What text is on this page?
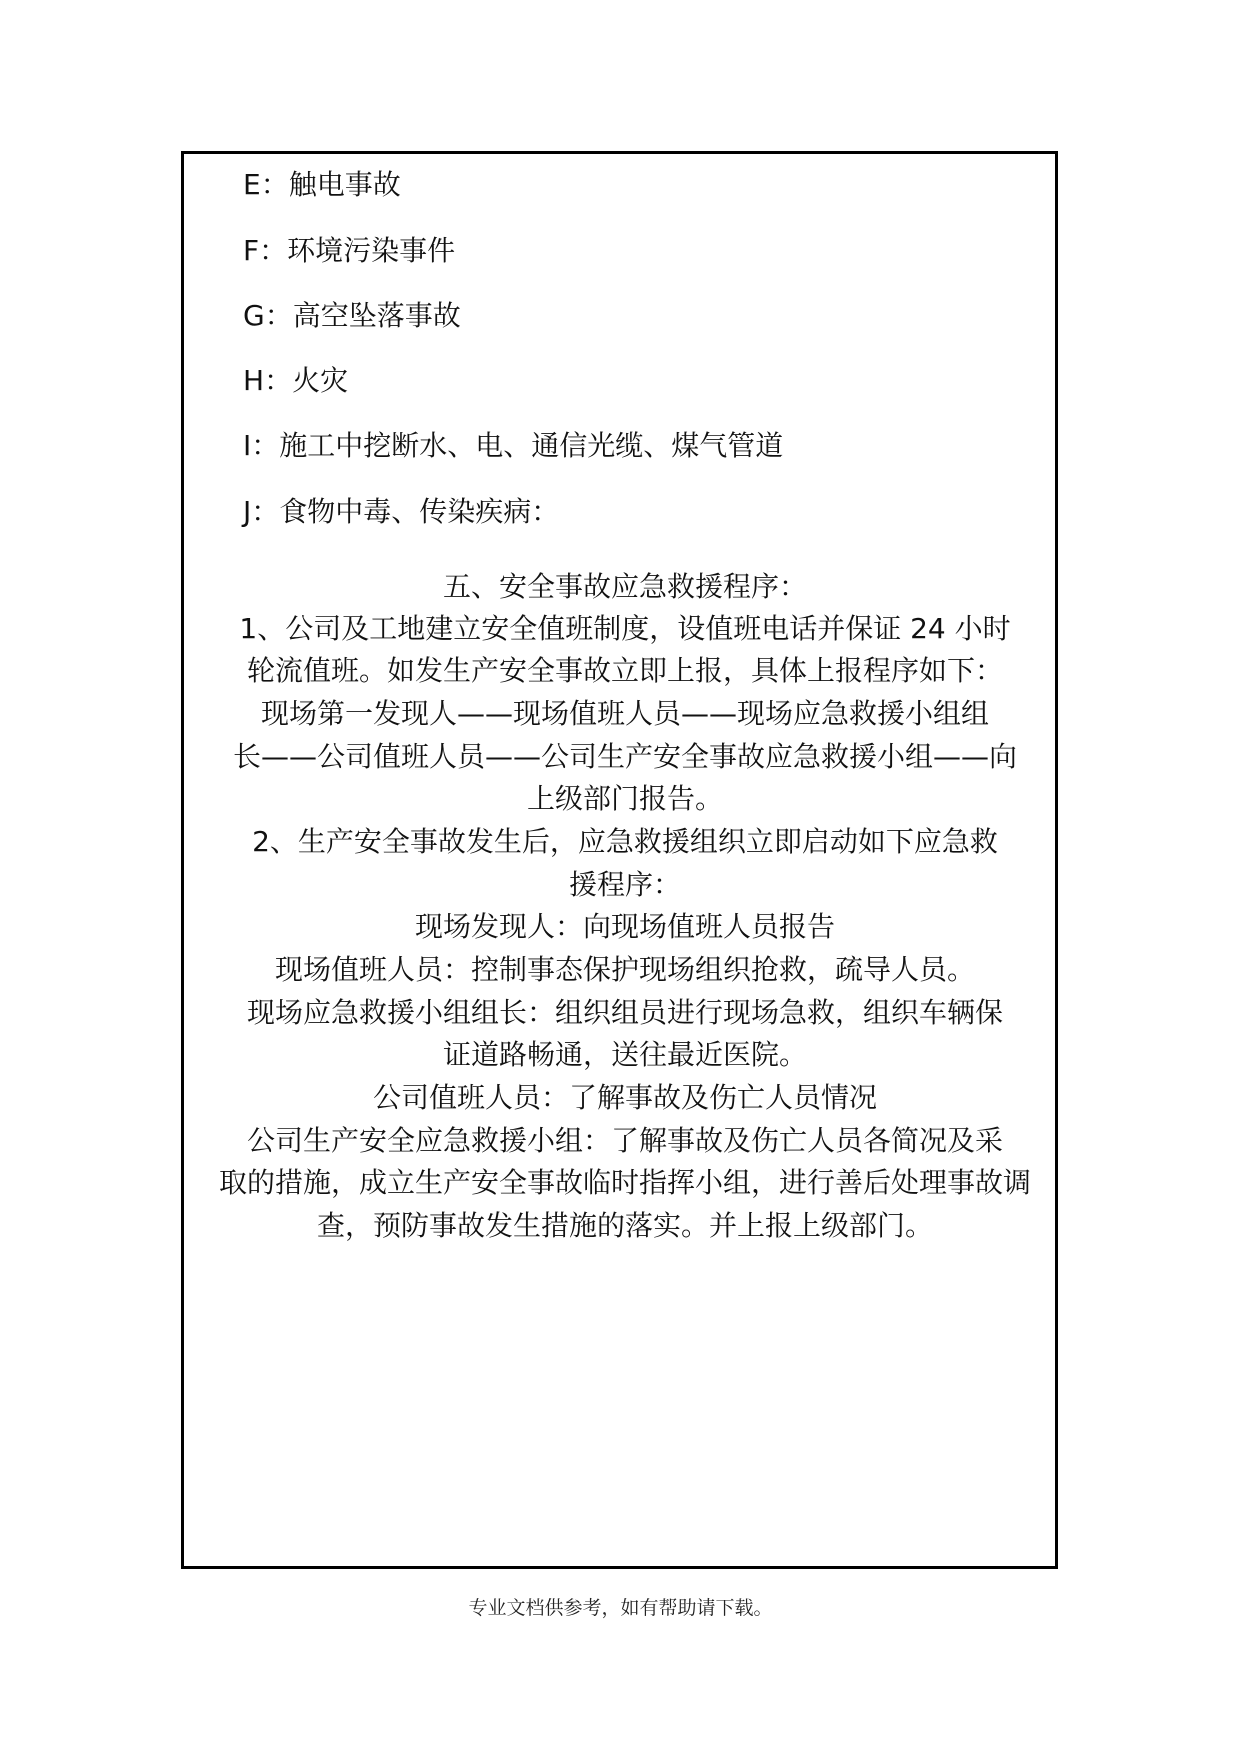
E：触电事故
F：环境污染事件
G：高空坠落事故
H：火灾
I：施工中挖断水、电、通信光缆、煤气管道
J：食物中毒、传染疾病：
五、安全事故应急救援程序：
1、公司及工地建立安全值班制度，设值班电话并保证 24 小时
轮流值班。如发生产安全事故立即上报，具体上报程序如下：
现场第一发现人——现场值班人员——现场应急救援小组组
长——公司值班人员——公司生产安全事故应急救援小组——向
上级部门报告。
2、生产安全事故发生后，应急救援组织立即启动如下应急救
援程序：
现场发现人：向现场值班人员报告
现场值班人员：控制事态保护现场组织抢救，疏导人员。
现场应急救援小组组长：组织组员进行现场急救，组织车辆保
证道路畅通，送往最近医院。
公司值班人员：了解事故及伤亡人员情况
公司生产安全应急救援小组：了解事故及伤亡人员各简况及采
取的措施，成立生产安全事故临时指挥小组，进行善后处理事故调
查，预防事故发生措施的落实。并上报上级部门。
专业文档供参考，如有帮助请下载。
